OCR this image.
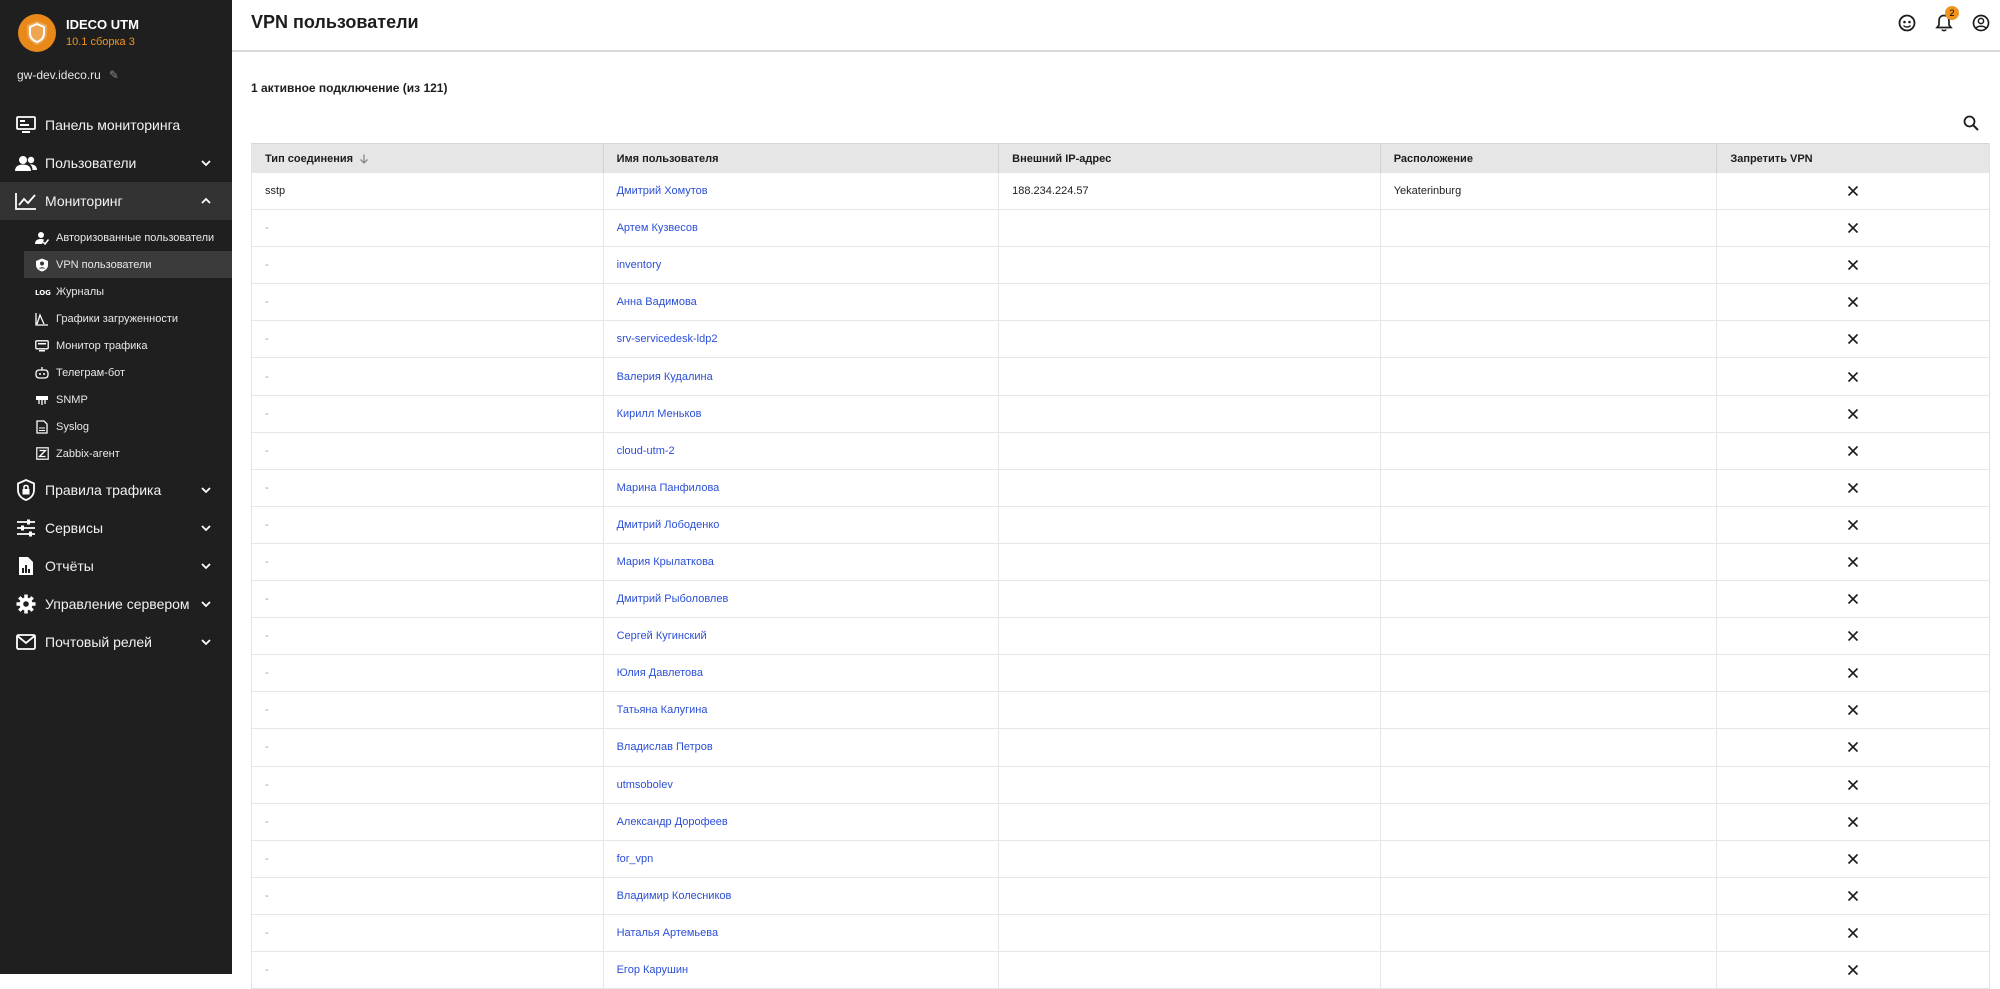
IDECO UTM
10.1 сборка 3
gw-dev.ideco.ru ✎
Панель мониторинга
Пользователи
Мониторинг
Авторизованные пользователи
VPN пользователи
LOG Журналы
Графики загруженности
Монитор трафика
Телеграм-бот
SNMP
Syslog
Zabbix-агент
Правила трафика
Сервисы
Отчёты
Управление сервером
Почтовый релей
VPN пользователи	2
1 активное подключение (из 121)
Тип соединения	Имя пользователя	Внешний IP-адрес	Расположение	Запретить VPN
sstp	Дмитрий Хомутов	188.234.224.57	Yekaterinburg
-	Артем Кузвесов
-	inventory
-	Анна Вадимова
-	srv-servicedesk-ldp2
-	Валерия Кудалина
-	Кирилл Меньков
-	cloud-utm-2
-	Марина Панфилова
-	Дмитрий Лободенко
-	Мария Крылаткова
-	Дмитрий Рыболовлев
-	Сергей Кугинский
-	Юлия Давлетова
-	Татьяна Калугина
-	Владислав Петров
-	utmsobolev
-	Александр Дорофеев
-	for_vpn
-	Владимир Колесников
-	Наталья Артемьева
-	Егор Карушин
